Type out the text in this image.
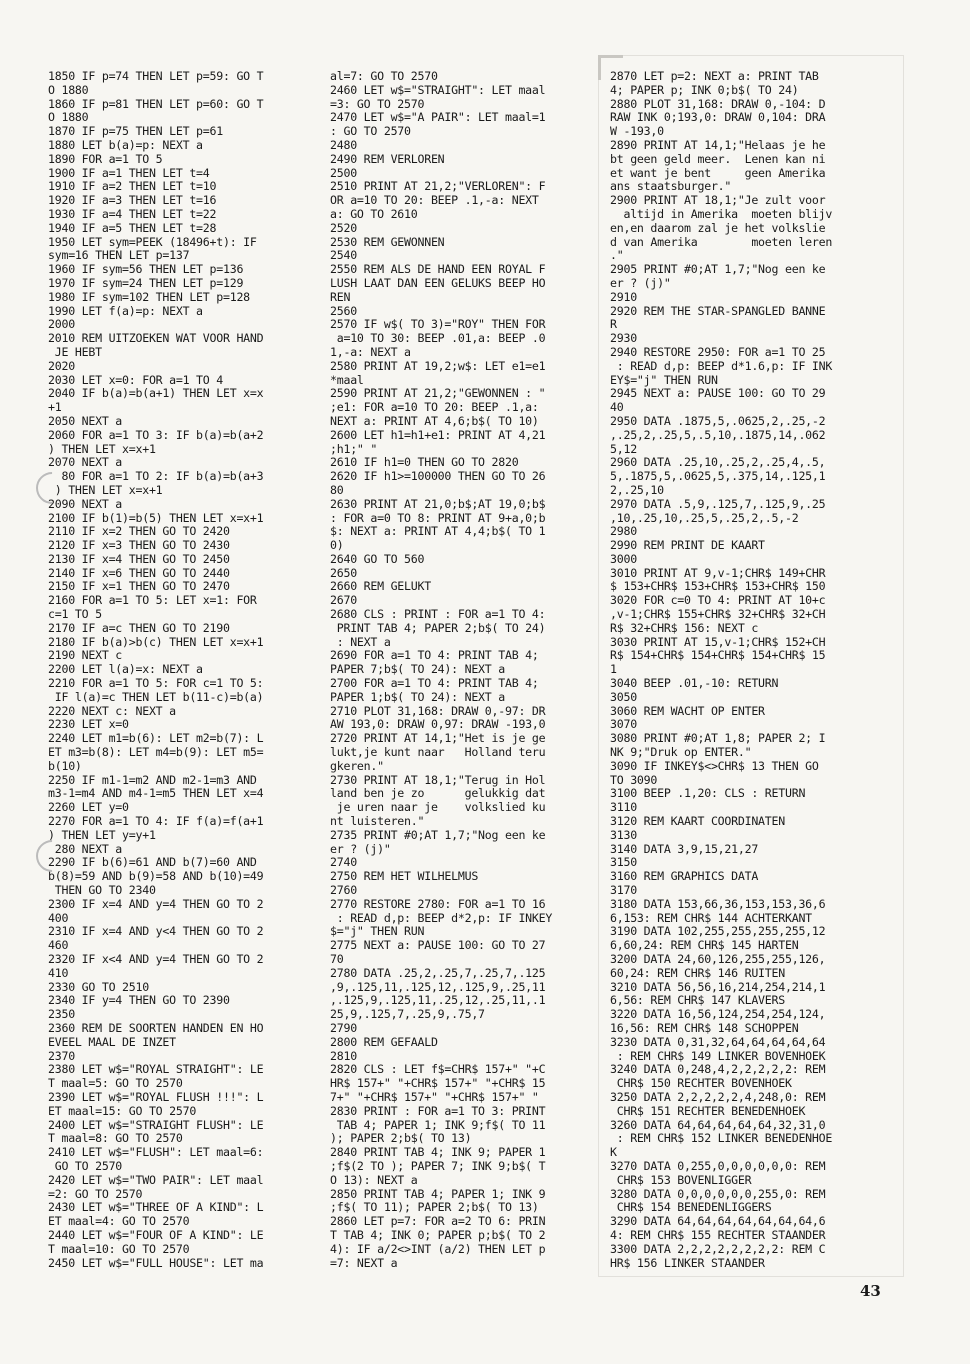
1850 IF p=74 THEN LET p=59: GO T
O 1880
1860 IF p=81 THEN LET p=60: GO T
O 1880
1870 IF p=75 THEN LET p=61
1880 LET b(a)=p: NEXT a
1890 FOR a=1 TO 5
1900 IF a=1 THEN LET t=4
1910 IF a=2 THEN LET t=10
1920 IF a=3 THEN LET t=16
1930 IF a=4 THEN LET t=22
1940 IF a=5 THEN LET t=28
1950 LET sym=PEEK (18496+t): IF
sym=16 THEN LET p=137
1960 IF sym=56 THEN LET p=136
1970 IF sym=24 THEN LET p=129
1980 IF sym=102 THEN LET p=128
1990 LET f(a)=p: NEXT a
2000
2010 REM UITZOEKEN WAT VOOR HAND
JE HEBT
2020
2030 LET x=0: FOR a=1 TO 4
2040 IF b(a)=b(a+1) THEN LET x=x
+1
2050 NEXT a
2060 FOR a=1 TO 3: IF b(a)=b(a+2
) THEN LET x=x+1
2070 NEXT a
80 FOR a=1 TO 2: IF b(a)=b(a+3
) THEN LET x=x+1
2090 NEXT a
2100 IF b(1)=b(5) THEN LET x=x+1
2110 IF x=2 THEN GO TO 2420
2120 IF x=3 THEN GO TO 2430
2130 IF x=4 THEN GO TO 2450
2140 IF x=6 THEN GO TO 2440
2150 IF x=1 THEN GO TO 2470
2160 FOR a=1 TO 5: LET x=1: FOR
c=1 TO 5
2170 IF a=c THEN GO TO 2190
2180 IF b(a)>b(c) THEN LET x=x+1
2190 NEXT c
2200 LET l(a)=x: NEXT a
2210 FOR a=1 TO 5: FOR c=1 TO 5:
IF l(a)=c THEN LET b(11-c)=b(a)
2220 NEXT c: NEXT a
2230 LET x=0
2240 LET m1=b(6): LET m2=b(7): L
ET m3=b(8): LET m4=b(9): LET m5=
b(10)
2250 IF m1-1=m2 AND m2-1=m3 AND
m3-1=m4 AND m4-1=m5 THEN LET x=4
2260 LET y=0
2270 FOR a=1 TO 4: IF f(a)=f(a+1
) THEN LET y=y+1
280 NEXT a
2290 IF b(6)=61 AND b(7)=60 AND
b(8)=59 AND b(9)=58 AND b(10)=49
THEN GO TO 2340
2300 IF x=4 AND y=4 THEN GO TO 2
400
2310 IF x=4 AND y<4 THEN GO TO 2
460
2320 IF x<4 AND y=4 THEN GO TO 2
410
2330 GO TO 2510
2340 IF y=4 THEN GO TO 2390
2350
2360 REM DE SOORTEN HANDEN EN HO
EVEEL MAAL DE INZET
2370
2380 LET w$="ROYAL STRAIGHT": LE
T maal=5: GO TO 2570
2390 LET w$="ROYAL FLUSH !!!": L
ET maal=15: GO TO 2570
2400 LET w$="STRAIGHT FLUSH": LE
T maal=8: GO TO 2570
2410 LET w$="FLUSH": LET maal=6:
GO TO 2570
2420 LET w$="TWO PAIR": LET maal
=2: GO TO 2570
2430 LET w$="THREE OF A KIND": L
ET maal=4: GO TO 2570
2440 LET w$="FOUR OF A KIND": LE
T maal=10: GO TO 2570
2450 LET w$="FULL HOUSE": LET ma
al=7: GO TO 2570
2460 LET w$="STRAIGHT": LET maal
=3: GO TO 2570
2470 LET w$="A PAIR": LET maal=1
: GO TO 2570
2480
2490 REM VERLOREN
2500
2510 PRINT AT 21,2;"VERLOREN": F
OR a=10 TO 20: BEEP .1,-a: NEXT
a: GO TO 2610
2520
2530 REM GEWONNEN
2540
2550 REM ALS DE HAND EEN ROYAL F
LUSH LAAT DAN EEN GELUKS BEEP HO
REN
2560
2570 IF w$( TO 3)="ROY" THEN FOR
a=10 TO 30: BEEP .01,a: BEEP .0
1,-a: NEXT a
2580 PRINT AT 19,2;w$: LET e1=e1
*maal
2590 PRINT AT 21,2;"GEWONNEN : "
;e1: FOR a=10 TO 20: BEEP .1,a:
NEXT a: PRINT AT 4,6;b$( TO 10)
2600 LET h1=h1+e1: PRINT AT 4,21
;h1;" "
2610 IF h1=0 THEN GO TO 2820
2620 IF h1>=100000 THEN GO TO 26
80
2630 PRINT AT 21,0;b$;AT 19,0;b$
: FOR a=0 TO 8: PRINT AT 9+a,0;b
$: NEXT a: PRINT AT 4,4;b$( TO 1
0)
2640 GO TO 560
2650
2660 REM GELUKT
2670
2680 CLS : PRINT : FOR a=1 TO 4:
PRINT TAB 4; PAPER 2;b$( TO 24)
: NEXT a
2690 FOR a=1 TO 4: PRINT TAB 4;
PAPER 7;b$( TO 24): NEXT a
2700 FOR a=1 TO 4: PRINT TAB 4;
PAPER 1;b$( TO 24): NEXT a
2710 PLOT 31,168: DRAW 0,-97: DR
AW 193,0: DRAW 0,97: DRAW -193,0
2720 PRINT AT 14,1;"Het is je ge
lukt,je kunt naar   Holland teru
gkeren."
2730 PRINT AT 18,1;"Terug in Hol
land ben je zo      gelukkig dat
je uren naar je    volkslied ku
nt luisteren."
2735 PRINT #0;AT 1,7;"Nog een ke
er ? (j)"
2740
2750 REM HET WILHELMUS
2760
2770 RESTORE 2780: FOR a=1 TO 16
: READ d,p: BEEP d*2,p: IF INKEY
$="j" THEN RUN
2775 NEXT a: PAUSE 100: GO TO 27
70
2780 DATA .25,2,.25,7,.25,7,.125
,9,.125,11,.125,12,.125,9,.25,11
,.125,9,.125,11,.25,12,.25,11,.1
25,9,.125,7,.25,9,.75,7
2790
2800 REM GEFAALD
2810
2820 CLS : LET f$=CHR$ 157+" "+C
HR$ 157+" "+CHR$ 157+" "+CHR$ 15
7+" "+CHR$ 157+" "+CHR$ 157+" "
2830 PRINT : FOR a=1 TO 3: PRINT
TAB 4; PAPER 1; INK 9;f$( TO 11
); PAPER 2;b$( TO 13)
2840 PRINT TAB 4; INK 9; PAPER 1
;f$(2 TO ); PAPER 7; INK 9;b$( T
O 13): NEXT a
2850 PRINT TAB 4; PAPER 1; INK 9
;f$( TO 11); PAPER 2;b$( TO 13)
2860 LET p=7: FOR a=2 TO 6: PRIN
T TAB 4; INK 0; PAPER p;b$( TO 2
4): IF a/2<>INT (a/2) THEN LET p
=7: NEXT a
2870 LET p=2: NEXT a: PRINT TAB
4; PAPER p; INK 0;b$( TO 24)
2880 PLOT 31,168: DRAW 0,-104: D
RAW INK 0;193,0: DRAW 0,104: DRA
W -193,0
2890 PRINT AT 14,1;"Helaas je he
bt geen geld meer.  Lenen kan ni
et want je bent     geen Amerika
ans staatsburger."
2900 PRINT AT 18,1;"Je zult voor
altijd in Amerika  moeten blijv
en,en daarom zal je het volkslie
d van Amerika        moeten leren
."
2905 PRINT #0;AT 1,7;"Nog een ke
er ? (j)"
2910
2920 REM THE STAR-SPANGLED BANNE
R
2930
2940 RESTORE 2950: FOR a=1 TO 25
: READ d,p: BEEP d*1.6,p: IF INK
EY$="j" THEN RUN
2945 NEXT a: PAUSE 100: GO TO 29
40
2950 DATA .1875,5,.0625,2,.25,-2
,.25,2,.25,5,.5,10,.1875,14,.062
5,12
2960 DATA .25,10,.25,2,.25,4,.5,
5,.1875,5,.0625,5,.375,14,.125,1
2,.25,10
2970 DATA .5,9,.125,7,.125,9,.25
,10,.25,10,.25,5,.25,2,.5,-2
2980
2990 REM PRINT DE KAART
3000
3010 PRINT AT 9,v-1;CHR$ 149+CHR
$ 153+CHR$ 153+CHR$ 153+CHR$ 150
3020 FOR c=0 TO 4: PRINT AT 10+c
,v-1;CHR$ 155+CHR$ 32+CHR$ 32+CH
R$ 32+CHR$ 156: NEXT c
3030 PRINT AT 15,v-1;CHR$ 152+CH
R$ 154+CHR$ 154+CHR$ 154+CHR$ 15
1
3040 BEEP .01,-10: RETURN
3050
3060 REM WACHT OP ENTER
3070
3080 PRINT #0;AT 1,8; PAPER 2; I
NK 9;"Druk op ENTER."
3090 IF INKEY$<>CHR$ 13 THEN GO
TO 3090
3100 BEEP .1,20: CLS : RETURN
3110
3120 REM KAART COORDINATEN
3130
3140 DATA 3,9,15,21,27
3150
3160 REM GRAPHICS DATA
3170
3180 DATA 153,66,36,153,153,36,6
6,153: REM CHR$ 144 ACHTERKANT
3190 DATA 102,255,255,255,255,12
6,60,24: REM CHR$ 145 HARTEN
3200 DATA 24,60,126,255,255,126,
60,24: REM CHR$ 146 RUITEN
3210 DATA 56,56,16,214,254,214,1
6,56: REM CHR$ 147 KLAVERS
3220 DATA 16,56,124,254,254,124,
16,56: REM CHR$ 148 SCHOPPEN
3230 DATA 0,31,32,64,64,64,64,64
: REM CHR$ 149 LINKER BOVENHOEK
3240 DATA 0,248,4,2,2,2,2,2: REM
CHR$ 150 RECHTER BOVENHOEK
3250 DATA 2,2,2,2,2,4,248,0: REM
CHR$ 151 RECHTER BENEDENHOEK
3260 DATA 64,64,64,64,64,32,31,0
: REM CHR$ 152 LINKER BENEDENHOE
K
3270 DATA 0,255,0,0,0,0,0,0: REM
CHR$ 153 BOVENLIGGER
3280 DATA 0,0,0,0,0,0,255,0: REM
CHR$ 154 BENEDENLIGGERS
3290 DATA 64,64,64,64,64,64,64,6
4: REM CHR$ 155 RECHTER STAANDER
3300 DATA 2,2,2,2,2,2,2,2: REM C
HR$ 156 LINKER STAANDER
43
